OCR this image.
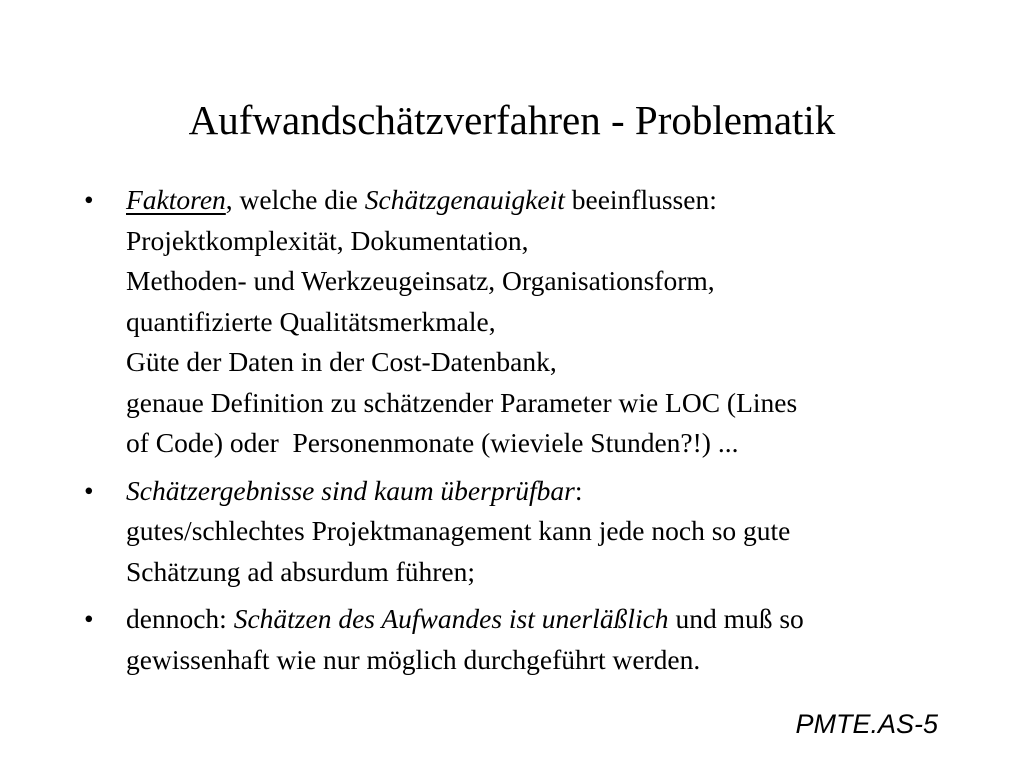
Aufwandschätzverfahren - Problematik
• Faktoren, welche die Schätzgenauigkeit beeinflussen:
Projektkomplexität, Dokumentation,
Methoden- und Werkzeugeinsatz, Organisationsform,
quantifizierte Qualitätsmerkmale,
Güte der Daten in der Cost-Datenbank,
genaue Definition zu schätzender Parameter wie LOC (Lines
of Code) oder  Personenmonate (wieviele Stunden?!) ...
• Schätzergebnisse sind kaum überprüfbar:
gutes/schlechtes Projektmanagement kann jede noch so gute
Schätzung ad absurdum führen;
• dennoch: Schätzen des Aufwandes ist unerläßlich und muß so
gewissenhaft wie nur möglich durchgeführt werden.
PMTE.AS-5
